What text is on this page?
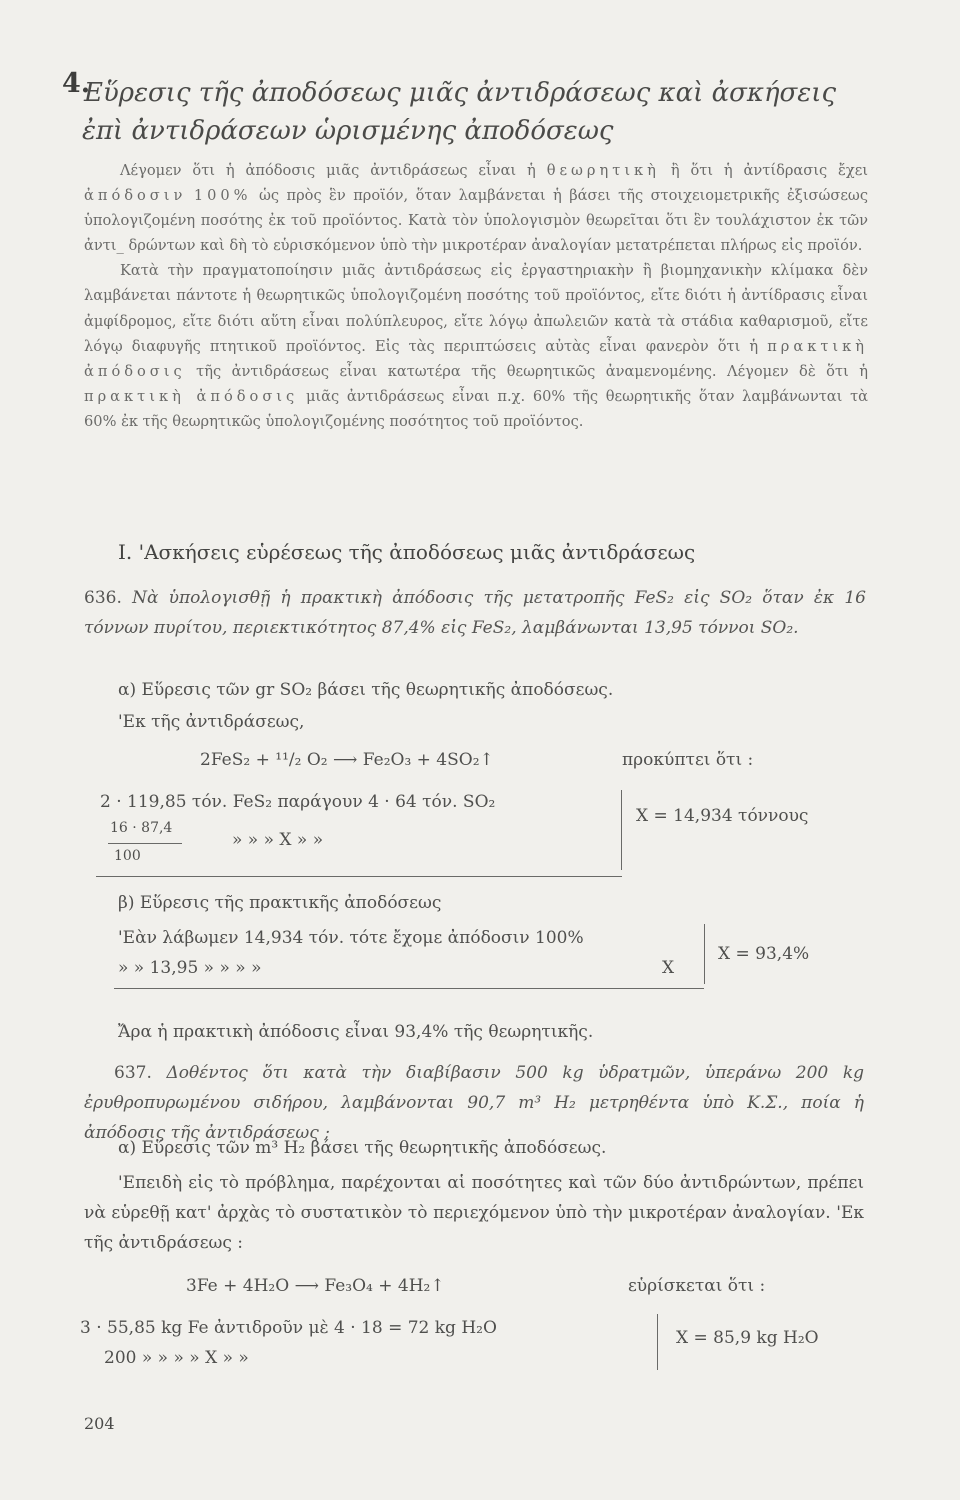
4.
Εὕρεσις τῆς ἀποδόσεως μιᾶς ἀντιδράσεως καὶ ἀσκήσεις
ἐπὶ ἀντιδράσεων ὡρισμένης ἀποδόσεως

Λέγομεν ὅτι ἡ ἀπόδοσις μιᾶς ἀντιδράσεως εἶναι ἡ θεωρητικὴ ἢ ὅτι ἡ ἀντίδρασις ἔχει ἀπόδοσιν 100% ὡς πρὸς ἓν προϊόν, ὅταν λαμβάνεται ἡ βάσει τῆς στοιχειομετρικῆς ἐξισώσεως ὑπολογιζομένη ποσότης ἐκ τοῦ προϊόντος. Κατὰ τὸν ὑπολογισμὸν θεωρεῖται ὅτι ἓν τουλάχιστον ἐκ τῶν ἀντι_ δρώντων καὶ δὴ τὸ εὑρισκόμενον ὑπὸ τὴν μικροτέραν ἀναλογίαν μετατρέπεται πλήρως εἰς προϊόν.

Κατὰ τὴν πραγματοποίησιν μιᾶς ἀντιδράσεως εἰς ἐργαστηριακὴν ἢ βιομηχανικὴν κλίμακα δὲν λαμβάνεται πάντοτε ἡ θεωρητικῶς ὑπολογιζομένη ποσότης τοῦ προϊόντος, εἴτε διότι ἡ ἀντίδρασις εἶναι ἀμφίδρομος, εἴτε διότι αὕτη εἶναι πολύπλευρος, εἴτε λόγῳ ἀπωλειῶν κατὰ τὰ στάδια καθαρισμοῦ, εἴτε λόγῳ διαφυγῆς πτητικοῦ προϊόντος. Εἰς τὰς περιπτώσεις αὐτὰς εἶναι φανερὸν ὅτι ἡ πρακτικὴ ἀπόδοσις τῆς ἀντιδράσεως εἶναι κατωτέρα τῆς θεωρητικῶς ἀναμενομένης. Λέγομεν δὲ ὅτι ἡ πρακτικὴ ἀπόδοσις μιᾶς ἀντιδράσεως εἶναι π.χ. 60% τῆς θεωρητικῆς ὅταν λαμβάνωνται τὰ 60% ἐκ τῆς θεωρητικῶς ὑπολογιζομένης ποσότητος τοῦ προϊόντος.

I. 'Ασκήσεις εὑρέσεως τῆς ἀποδόσεως μιᾶς ἀντιδράσεως
636. Νὰ ὑπολογισθῇ ἡ πρακτικὴ ἀπόδοσις τῆς μετατροπῆς FeS₂ εἰς SO₂ ὅταν ἐκ 16 τόννων πυρίτου, περιεκτικότητος 87,4% εἰς FeS₂, λαμβάνωνται 13,95 τόννοι SO₂.
α) Εὕρεσις τῶν gr SO₂ βάσει τῆς θεωρητικῆς ἀποδόσεως.
'Εκ τῆς ἀντιδράσεως,
2FeS₂ + ¹¹/₂ O₂ ⟶ Fe₂O₃ + 4SO₂↑	προκύπτει ὅτι :
2 · 119,85 τόν. FeS₂ παράγουν 4 · 64 τόν. SO₂
16 · 87,4
100
» » » X » »
X = 14,934 τόννους
β) Εὕρεσις τῆς πρακτικῆς ἀποδόσεως
'Εὰν λάβωμεν 14,934 τόν. τότε ἔχομε ἀπόδοσιν 100%
» » 13,95 » » » »	X
X = 93,4%
Ἄρα ἡ πρακτικὴ ἀπόδοσις εἶναι 93,4% τῆς θεωρητικῆς.
637. Δοθέντος ὅτι κατὰ τὴν διαβίβασιν 500 kg ὑδρατμῶν, ὑπεράνω 200 kg ἐρυθροπυρωμένου σιδήρου, λαμβάνονται 90,7 m³ H₂ μετρηθέντα ὑπὸ Κ.Σ., ποία ἡ ἀπόδοσις τῆς ἀντιδράσεως ;
α) Εὕρεσις τῶν m³ H₂ βάσει τῆς θεωρητικῆς ἀποδόσεως.
'Επειδὴ εἰς τὸ πρόβλημα, παρέχονται αἱ ποσότητες καὶ τῶν δύο ἀντιδρώντων, πρέπει νὰ εὑρεθῇ κατ' ἀρχὰς τὸ συστατικὸν τὸ περιεχόμενον ὑπὸ τὴν μικροτέραν ἀναλογίαν. 'Εκ τῆς ἀντιδράσεως :
3Fe + 4H₂O ⟶ Fe₃O₄ + 4H₂↑	εὑρίσκεται ὅτι :
3 · 55,85 kg Fe ἀντιδροῦν μὲ 4 · 18 = 72 kg H₂O
200 » » » » X » »
X = 85,9 kg H₂O
204
